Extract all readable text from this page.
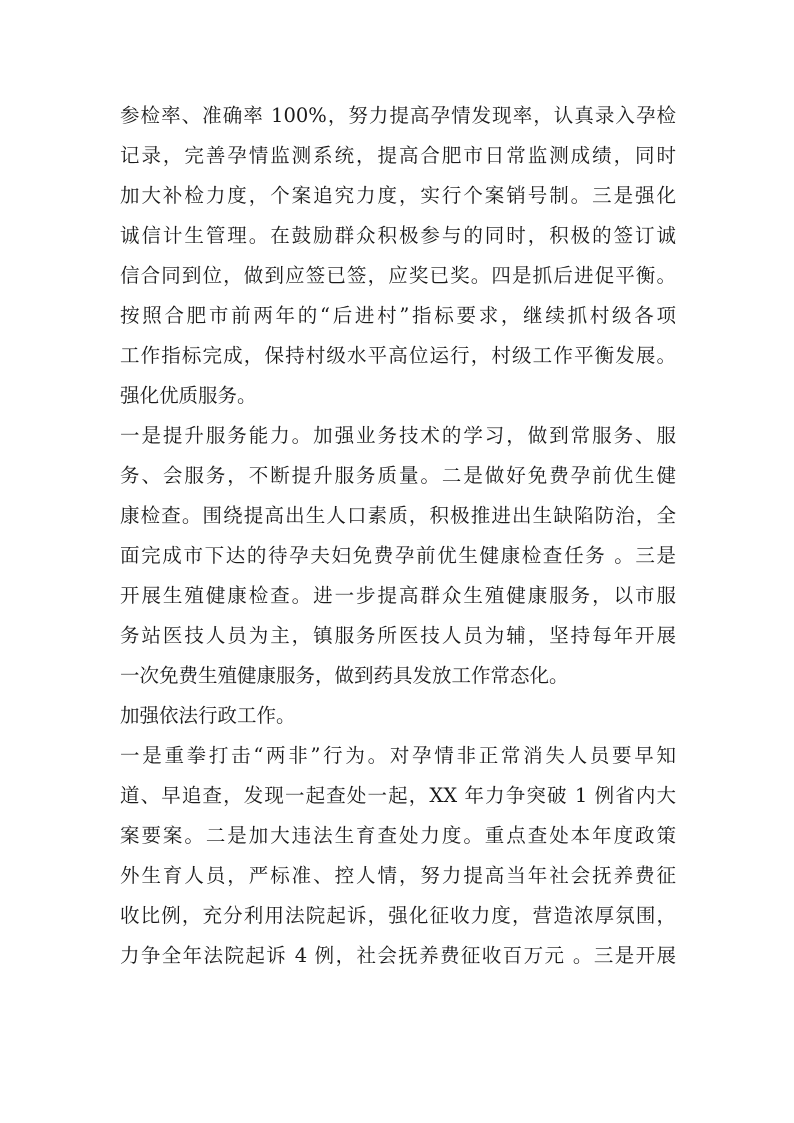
参检率、准确率 100%，努力提高孕情发现率，认真录入孕检
记录，完善孕情监测系统，提高合肥市日常监测成绩，同时
加大补检力度，个案追究力度，实行个案销号制。三是强化
诚信计生管理。在鼓励群众积极参与的同时，积极的签订诚
信合同到位，做到应签已签，应奖已奖。四是抓后进促平衡。
按照合肥市前两年的“后进村”指标要求，继续抓村级各项
工作指标完成，保持村级水平高位运行，村级工作平衡发展。
强化优质服务。
一是提升服务能力。加强业务技术的学习，做到常服务、服
务、会服务，不断提升服务质量。二是做好免费孕前优生健
康检查。围绕提高出生人口素质，积极推进出生缺陷防治，全
面完成市下达的待孕夫妇免费孕前优生健康检查任务 。三是
开展生殖健康检查。进一步提高群众生殖健康服务，以市服
务站医技人员为主，镇服务所医技人员为辅，坚持每年开展
一次免费生殖健康服务，做到药具发放工作常态化。
加强依法行政工作。
一是重拳打击“两非”行为。对孕情非正常消失人员要早知
道、早追查，发现一起查处一起，XX 年力争突破 1 例省内大
案要案。二是加大违法生育查处力度。重点查处本年度政策
外生育人员，严标准、控人情，努力提高当年社会抚养费征
收比例，充分利用法院起诉，强化征收力度，营造浓厚氛围，
力争全年法院起诉 4 例，社会抚养费征收百万元 。三是开展
